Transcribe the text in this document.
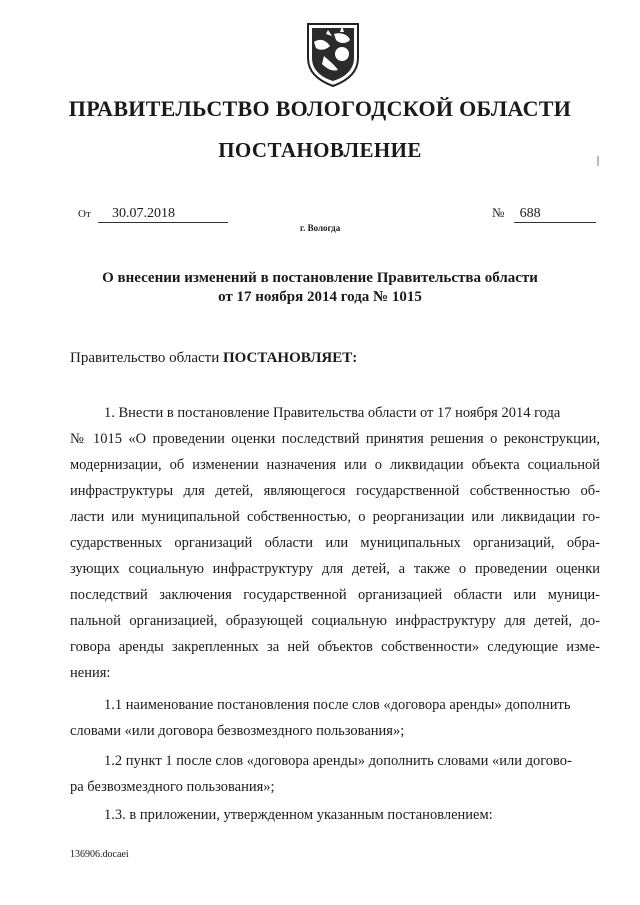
ПРАВИТЕЛЬСТВО ВОЛОГОДСКОЙ ОБЛАСТИ
ПОСТАНОВЛЕНИЕ
От 30.07.2018	№ 688
г. Вологда
О внесении изменений в постановление Правительства области
от 17 ноября 2014 года № 1015
Правительство области ПОСТАНОВЛЯЕТ:
1. Внести в постановление Правительства области от 17 ноября 2014 года
№ 1015 «О проведении оценки последствий принятия решения о реконструкции,
модернизации, об изменении назначения или о ликвидации объекта социальной
инфраструктуры для детей, являющегося государственной собственностью об-
ласти или муниципальной собственностью, о реорганизации или ликвидации го-
сударственных организаций области или муниципальных организаций, обра-
зующих социальную инфраструктуру для детей, а также о проведении оценки
последствий заключения государственной организацией области или муници-
пальной организацией, образующей социальную инфраструктуру для детей, до-
говора аренды закрепленных за ней объектов собственности» следующие изме-
нения:
1.1 наименование постановления после слов «договора аренды» дополнить
словами «или договора безвозмездного пользования»;
1.2 пункт 1 после слов «договора аренды» дополнить словами «или догово-
ра безвозмездного пользования»;
1.3. в приложении, утвержденном указанным постановлением:
136906.docaei
